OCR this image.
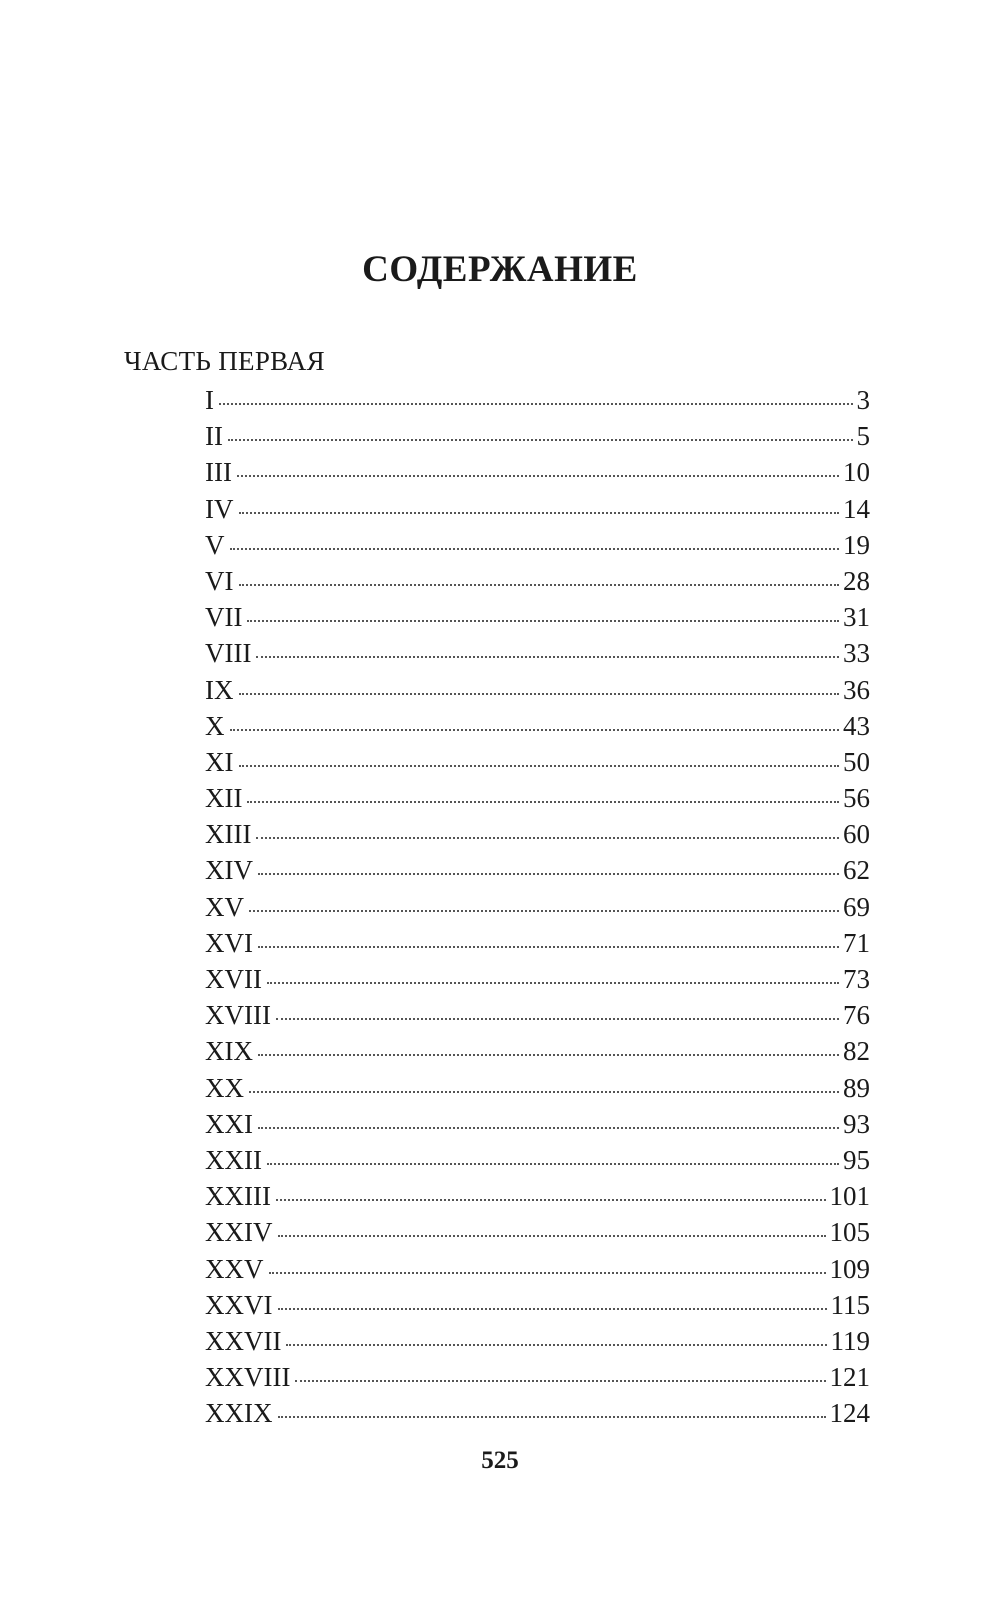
СОДЕРЖАНИЕ
ЧАСТЬ ПЕРВАЯ
I	3
II	5
III	10
IV	14
V	19
VI	28
VII	31
VIII	33
IX	36
X	43
XI	50
XII	56
XIII	60
XIV	62
XV	69
XVI	71
XVII	73
XVIII	76
XIX	82
XX	89
XXI	93
XXII	95
XXIII	101
XXIV	105
XXV	109
XXVI	115
XXVII	119
XXVIII	121
XXIX	124
525
